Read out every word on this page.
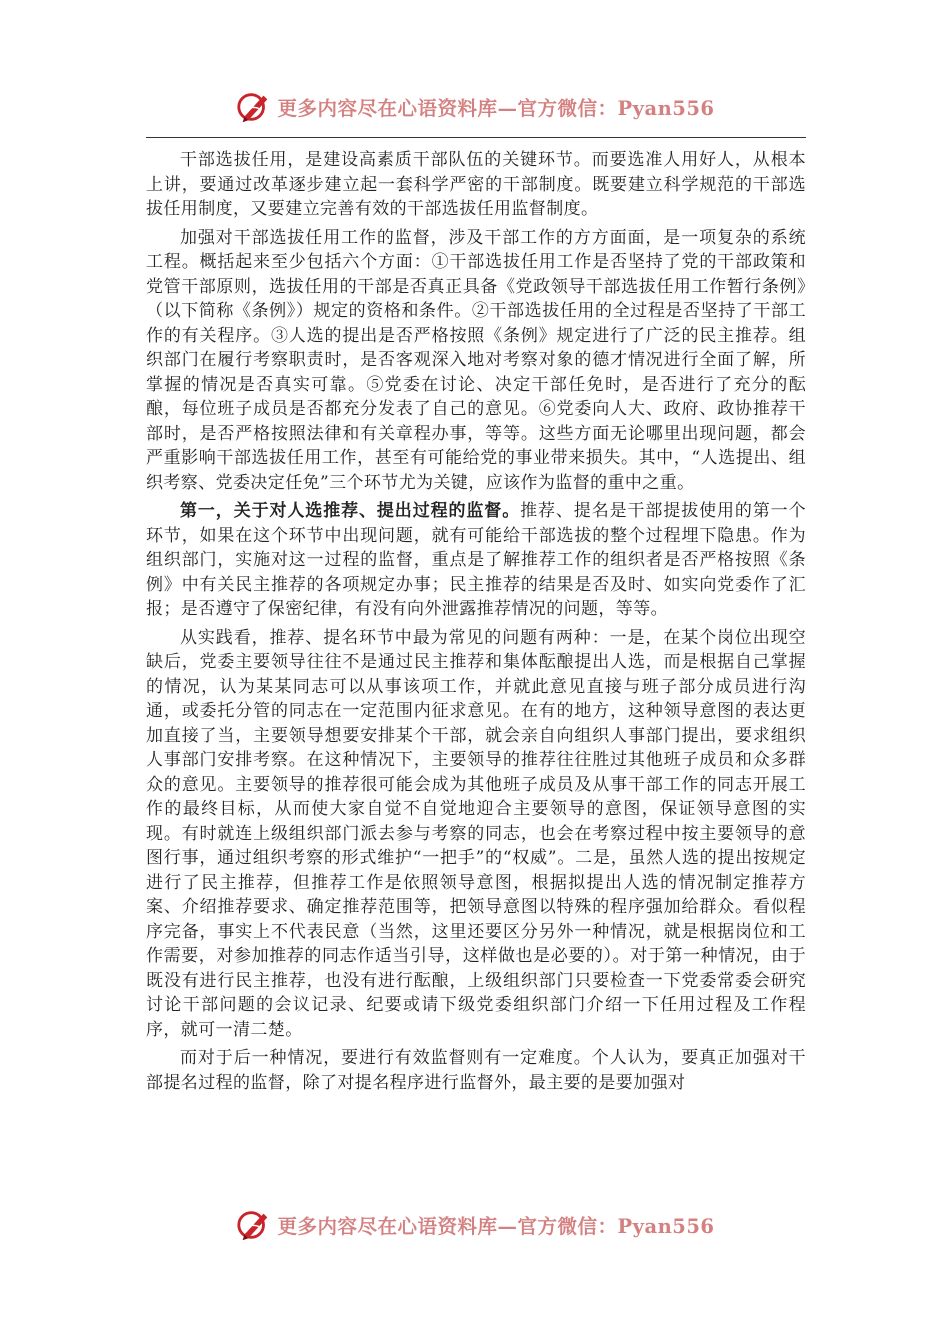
更多内容尽在心语资料库—官方微信：Pyan556

干部选拔任用，是建设高素质干部队伍的关键环节。而要选准人用好人，从根本上讲，要通过改革逐步建立起一套科学严密的干部制度。既要建立科学规范的干部选拔任用制度，又要建立完善有效的干部选拔任用监督制度。

加强对干部选拔任用工作的监督，涉及干部工作的方方面面，是一项复杂的系统工程。概括起来至少包括六个方面：①干部选拔任用工作是否坚持了党的干部政策和党管干部原则，选拔任用的干部是否真正具备《党政领导干部选拔任用工作暂行条例》（以下简称《条例》）规定的资格和条件。②干部选拔任用的全过程是否坚持了干部工作的有关程序。③人选的提出是否严格按照《条例》规定进行了广泛的民主推荐。组织部门在履行考察职责时，是否客观深入地对考察对象的德才情况进行全面了解，所掌握的情况是否真实可靠。⑤党委在讨论、决定干部任免时，是否进行了充分的酝酿，每位班子成员是否都充分发表了自己的意见。⑥党委向人大、政府、政协推荐干部时，是否严格按照法律和有关章程办事，等等。这些方面无论哪里出现问题，都会严重影响干部选拔任用工作，甚至有可能给党的事业带来损失。其中，“人选提出、组织考察、党委决定任免”三个环节尤为关键，应该作为监督的重中之重。

第一，关于对人选推荐、提出过程的监督。推荐、提名是干部提拔使用的第一个环节，如果在这个环节中出现问题，就有可能给干部选拔的整个过程埋下隐患。作为组织部门，实施对这一过程的监督，重点是了解推荐工作的组织者是否严格按照《条例》中有关民主推荐的各项规定办事；民主推荐的结果是否及时、如实向党委作了汇报；是否遵守了保密纪律，有没有向外泄露推荐情况的问题，等等。

从实践看，推荐、提名环节中最为常见的问题有两种：一是，在某个岗位出现空缺后，党委主要领导往往不是通过民主推荐和集体酝酿提出人选，而是根据自己掌握的情况，认为某某同志可以从事该项工作，并就此意见直接与班子部分成员进行沟通，或委托分管的同志在一定范围内征求意见。在有的地方，这种领导意图的表达更加直接了当，主要领导想要安排某个干部，就会亲自向组织人事部门提出，要求组织人事部门安排考察。在这种情况下，主要领导的推荐往往胜过其他班子成员和众多群众的意见。主要领导的推荐很可能会成为其他班子成员及从事干部工作的同志开展工作的最终目标，从而使大家自觉不自觉地迎合主要领导的意图，保证领导意图的实现。有时就连上级组织部门派去参与考察的同志，也会在考察过程中按主要领导的意图行事，通过组织考察的形式维护“一把手”的“权威”。二是，虽然人选的提出按规定进行了民主推荐，但推荐工作是依照领导意图，根据拟提出人选的情况制定推荐方案、介绍推荐要求、确定推荐范围等，把领导意图以特殊的程序强加给群众。看似程序完备，事实上不代表民意（当然，这里还要区分另外一种情况，就是根据岗位和工作需要，对参加推荐的同志作适当引导，这样做也是必要的）。对于第一种情况，由于既没有进行民主推荐，也没有进行酝酿，上级组织部门只要检查一下党委常委会研究讨论干部问题的会议记录、纪要或请下级党委组织部门介绍一下任用过程及工作程序，就可一清二楚。

而对于后一种情况，要进行有效监督则有一定难度。个人认为，要真正加强对干部提名过程的监督，除了对提名程序进行监督外，最主要的是要加强对

更多内容尽在心语资料库—官方微信：Pyan556
